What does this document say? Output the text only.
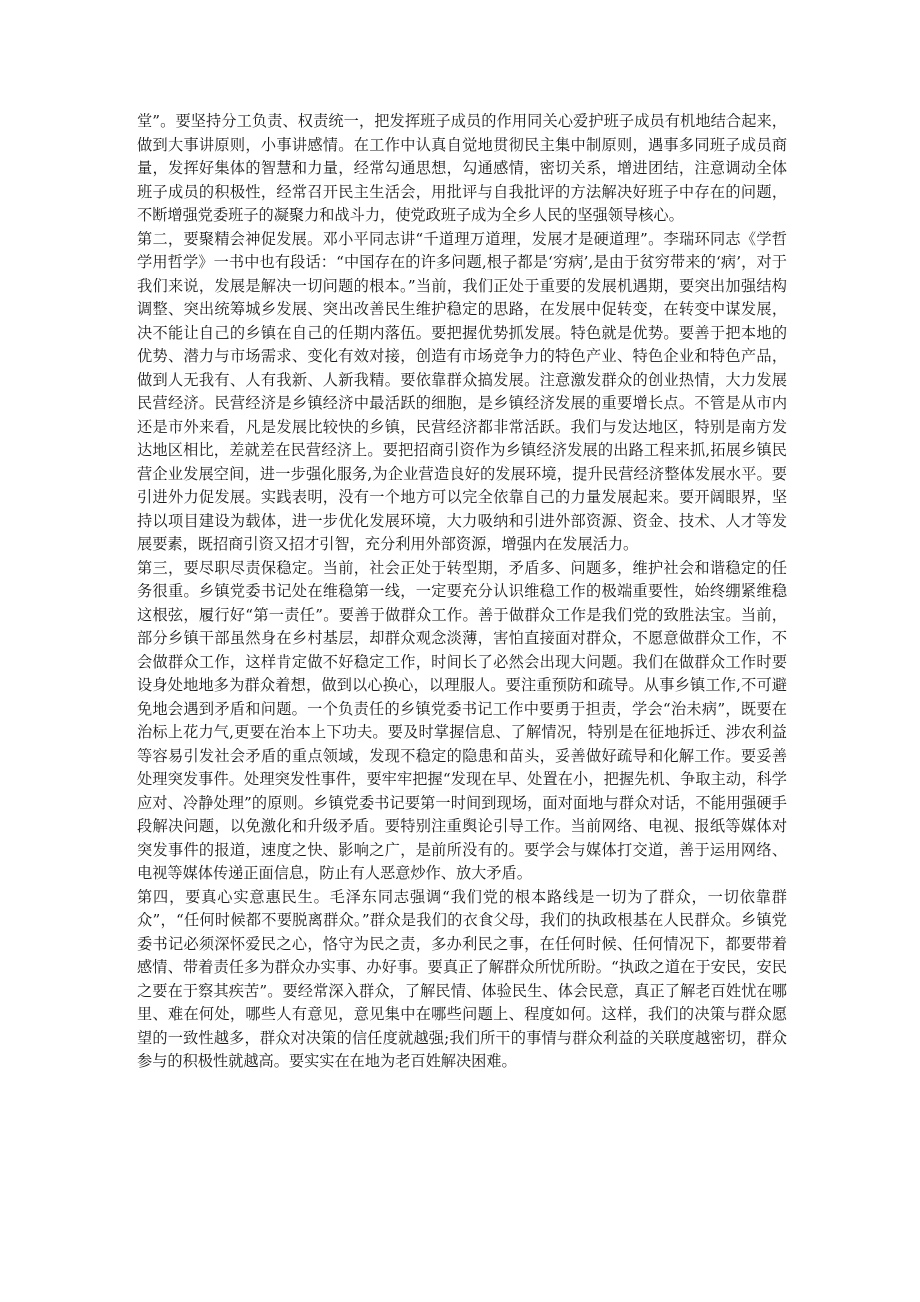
堂”。要坚持分工负责、权责统一，把发挥班子成员的作用同关心爱护班子成员有机地结合起来，做到大事讲原则，小事讲感情。在工作中认真自觉地贯彻民主集中制原则，遇事多同班子成员商量，发挥好集体的智慧和力量，经常勾通思想，勾通感情，密切关系，增进团结，注意调动全体班子成员的积极性，经常召开民主生活会，用批评与自我批评的方法解决好班子中存在的问题，不断增强党委班子的凝聚力和战斗力，使党政班子成为全乡人民的坚强领导核心。

第二，要聚精会神促发展。邓小平同志讲“千道理万道理，发展才是硬道理”。李瑞环同志《学哲学用哲学》一书中也有段话：“中国存在的许多问题,根子都是‘穷病’,是由于贫穷带来的‘病’，对于我们来说，发展是解决一切问题的根本。”当前，我们正处于重要的发展机遇期，要突出加强结构调整、突出统筹城乡发展、突出改善民生维护稳定的思路，在发展中促转变，在转变中谋发展，决不能让自己的乡镇在自己的任期内落伍。要把握优势抓发展。特色就是优势。要善于把本地的优势、潜力与市场需求、变化有效对接，创造有市场竞争力的特色产业、特色企业和特色产品，做到人无我有、人有我新、人新我精。要依靠群众搞发展。注意激发群众的创业热情，大力发展民营经济。民营经济是乡镇经济中最活跃的细胞，是乡镇经济发展的重要增长点。不管是从市内还是市外来看，凡是发展比较快的乡镇，民营经济都非常活跃。我们与发达地区，特别是南方发达地区相比，差就差在民营经济上。要把招商引资作为乡镇经济发展的出路工程来抓,拓展乡镇民营企业发展空间，进一步强化服务,为企业营造良好的发展环境，提升民营经济整体发展水平。要引进外力促发展。实践表明，没有一个地方可以完全依靠自己的力量发展起来。要开阔眼界，坚持以项目建设为载体，进一步优化发展环境，大力吸纳和引进外部资源、资金、技术、人才等发展要素，既招商引资又招才引智，充分利用外部资源，增强内在发展活力。

第三，要尽职尽责保稳定。当前，社会正处于转型期，矛盾多、问题多，维护社会和谐稳定的任务很重。乡镇党委书记处在维稳第一线，一定要充分认识维稳工作的极端重要性，始终绷紧维稳这根弦，履行好“第一责任”。要善于做群众工作。善于做群众工作是我们党的致胜法宝。当前，部分乡镇干部虽然身在乡村基层，却群众观念淡薄，害怕直接面对群众，不愿意做群众工作，不会做群众工作，这样肯定做不好稳定工作，时间长了必然会出现大问题。我们在做群众工作时要设身处地地多为群众着想，做到以心换心，以理服人。要注重预防和疏导。从事乡镇工作,不可避免地会遇到矛盾和问题。一个负责任的乡镇党委书记工作中要勇于担责，学会“治未病”，既要在治标上花力气,更要在治本上下功夫。要及时掌握信息、了解情况，特别是在征地拆迁、涉农利益等容易引发社会矛盾的重点领域，发现不稳定的隐患和苗头，妥善做好疏导和化解工作。要妥善处理突发事件。处理突发性事件，要牢牢把握“发现在早、处置在小，把握先机、争取主动，科学应对、冷静处理”的原则。乡镇党委书记要第一时间到现场，面对面地与群众对话，不能用强硬手段解决问题，以免激化和升级矛盾。要特别注重舆论引导工作。当前网络、电视、报纸等媒体对突发事件的报道，速度之快、影响之广，是前所没有的。要学会与媒体打交道，善于运用网络、电视等媒体传递正面信息，防止有人恶意炒作、放大矛盾。

第四，要真心实意惠民生。毛泽东同志强调“我们党的根本路线是一切为了群众，一切依靠群众”，“任何时候都不要脱离群众。”群众是我们的衣食父母，我们的执政根基在人民群众。乡镇党委书记必须深怀爱民之心，恪守为民之责，多办利民之事，在任何时候、任何情况下，都要带着感情、带着责任多为群众办实事、办好事。要真正了解群众所忧所盼。“执政之道在于安民，安民之要在于察其疾苦”。要经常深入群众，了解民情、体验民生、体会民意，真正了解老百姓忧在哪里、难在何处，哪些人有意见，意见集中在哪些问题上、程度如何。这样，我们的决策与群众愿望的一致性越多，群众对决策的信任度就越强;我们所干的事情与群众利益的关联度越密切，群众参与的积极性就越高。要实实在在地为老百姓解决困难。
